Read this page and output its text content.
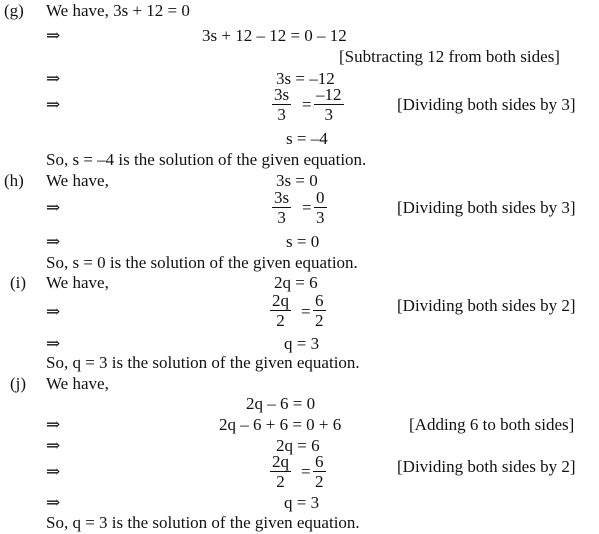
(g) We have, 3s + 12 = 0
⇒	3s + 12 – 12 = 0 – 12
[Subtracting 12 from both sides]
⇒	3s = –12
⇒	$\frac{3s}{3} = \frac{-12}{3}$	[Dividing both sides by 3]
s = –4
So, s = –4 is the solution of the given equation.
(h) We have,	3s = 0
⇒	$\frac{3s}{3} = \frac{0}{3}$	[Dividing both sides by 3]
⇒	s = 0
So, s = 0 is the solution of the given equation.
(i) We have,	2q = 6
⇒	$\frac{2q}{2} = \frac{6}{2}$	[Dividing both sides by 2]
⇒	q = 3
So, q = 3 is the solution of the given equation.
(j) We have,
2q – 6 = 0
⇒	2q – 6 + 6 = 0 + 6	[Adding 6 to both sides]
⇒	2q = 6
⇒	$\frac{2q}{2} = \frac{6}{2}$	[Dividing both sides by 2]
⇒	q = 3
So, q = 3 is the solution of the given equation.
